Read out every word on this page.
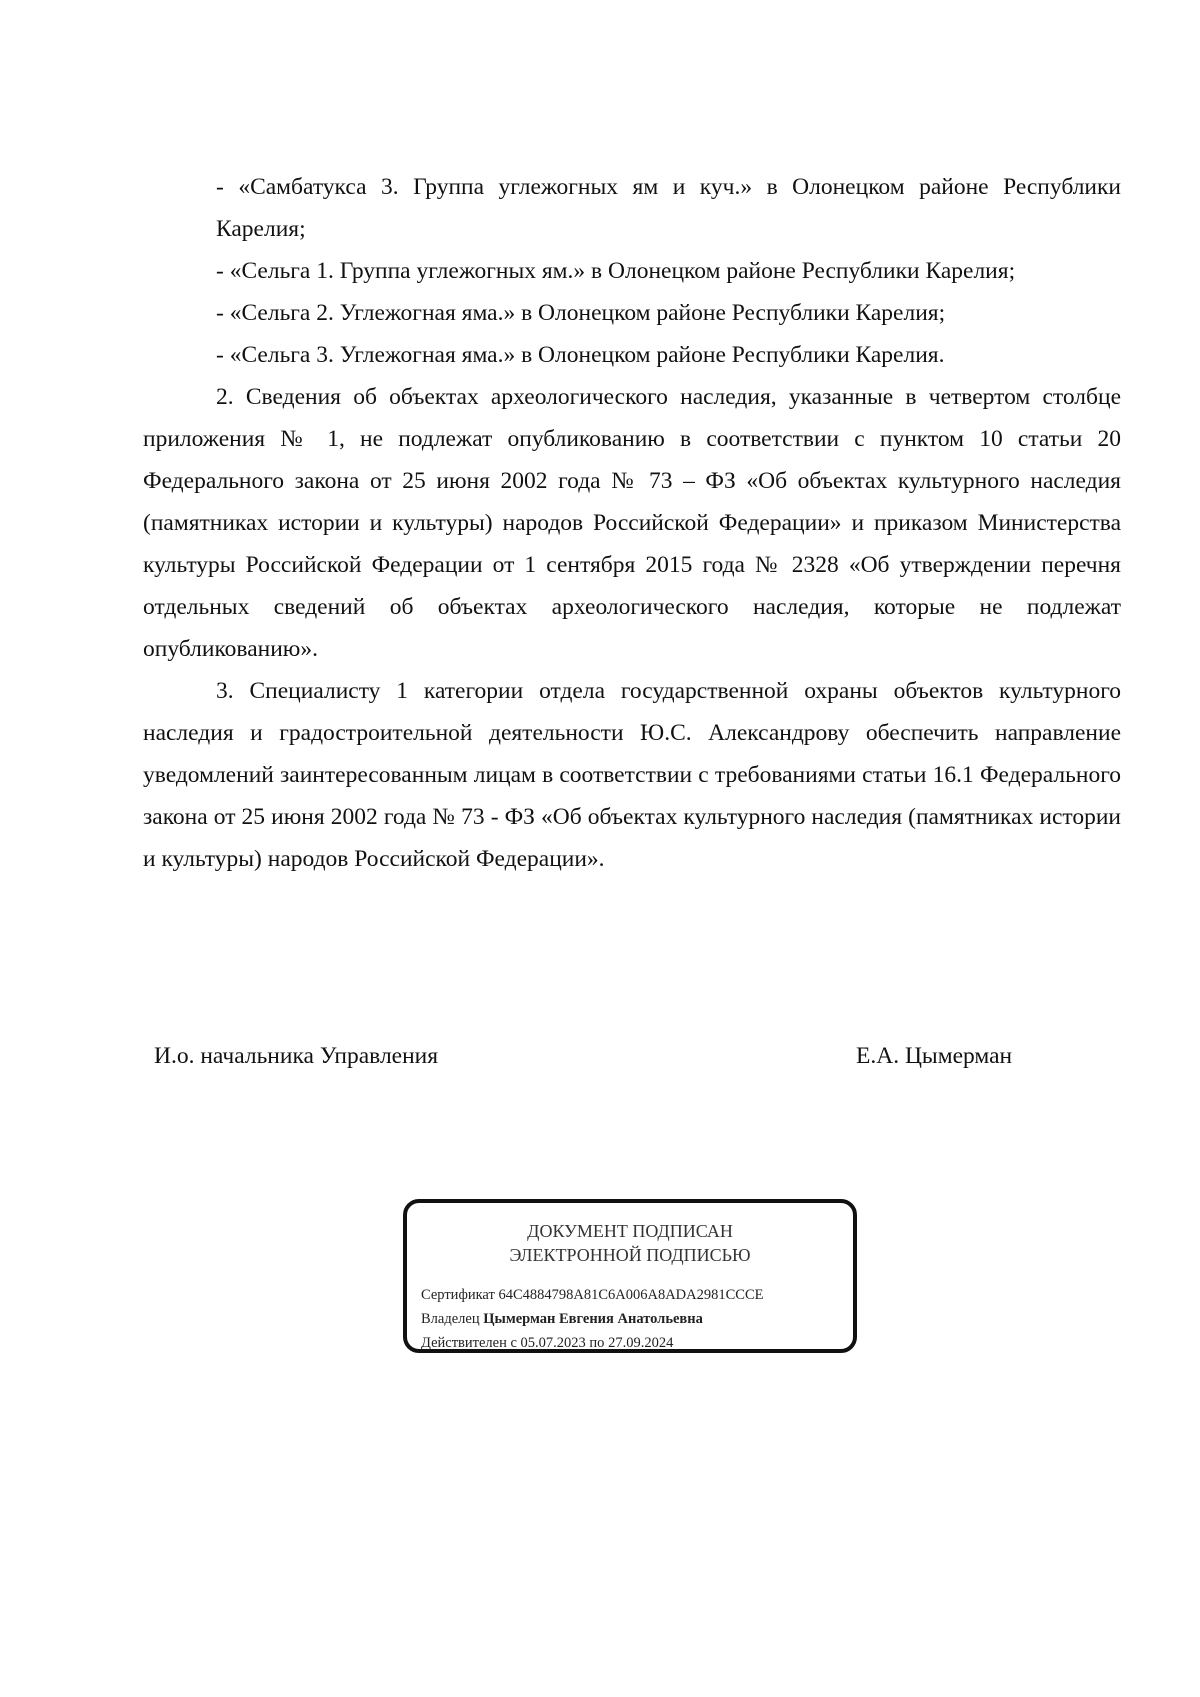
- «Самбатукса 3. Группа углежогных ям и куч.» в Олонецком районе Республики Карелия;

- «Сельга 1. Группа углежогных ям.» в Олонецком районе Республики Карелия;

- «Сельга 2. Углежогная яма.» в Олонецком районе Республики Карелия;

- «Сельга 3. Углежогная яма.» в Олонецком районе Республики Карелия.

2. Сведения об объектах археологического наследия, указанные в четвертом столбце приложения № 1, не подлежат опубликованию в соответствии с пунктом 10 статьи 20 Федерального закона от 25 июня 2002 года № 73 – ФЗ «Об объектах культурного наследия (памятниках истории и культуры) народов Российской Федерации» и приказом Министерства культуры Российской Федерации от 1 сентября 2015 года № 2328 «Об утверждении перечня отдельных сведений об объектах археологического наследия, которые не подлежат опубликованию».

3. Специалисту 1 категории отдела государственной охраны объектов культурного наследия и градостроительной деятельности Ю.С. Александрову обеспечить направление уведомлений заинтересованным лицам в соответствии с требованиями статьи 16.1 Федерального закона от 25 июня 2002 года № 73 - ФЗ «Об объектах культурного наследия (памятниках истории и культуры) народов Российской Федерации».

И.о. начальника Управления	Е.А. Цымерман
ДОКУМЕНТ ПОДПИСАН
ЭЛЕКТРОННОЙ ПОДПИСЬЮ
Сертификат 64C4884798A81C6A006A8ADA2981CCCE
Владелец Цымерман Евгения Анатольевна
Действителен с 05.07.2023 по 27.09.2024
